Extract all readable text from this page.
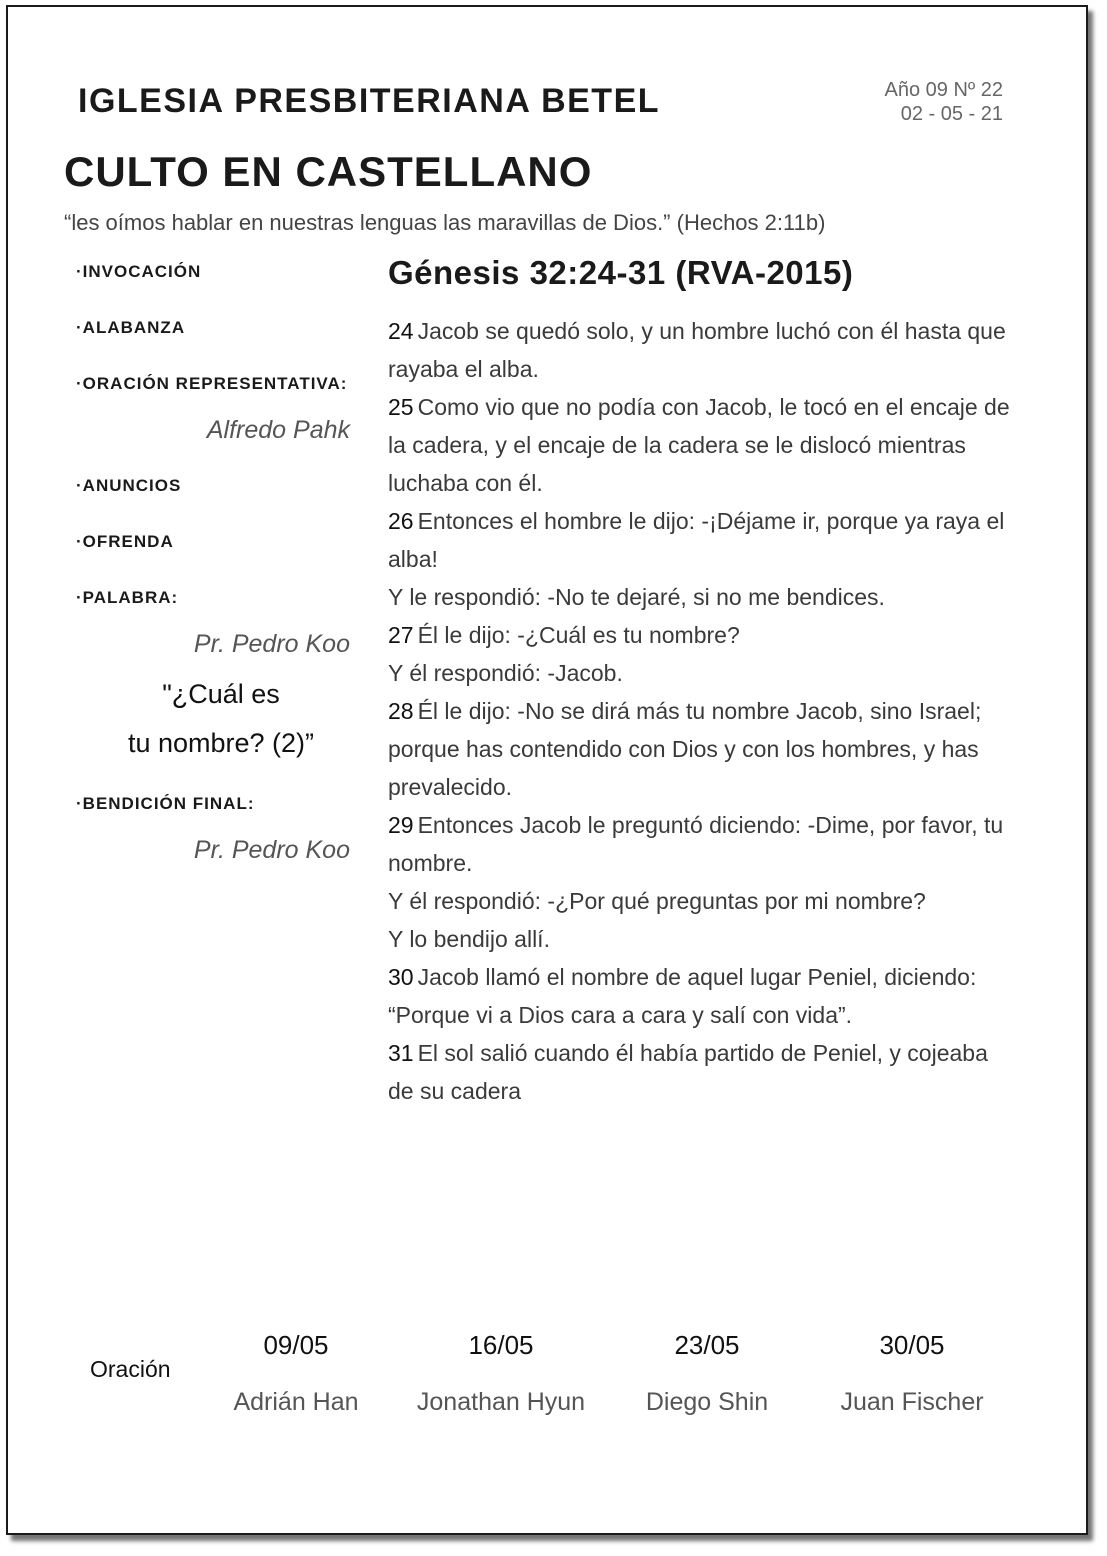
IGLESIA PRESBITERIANA BETEL	Año 09 Nº 22
02 - 05 - 21
CULTO EN CASTELLANO
“les oímos hablar en nuestras lenguas las maravillas de Dios.” (Hechos 2:11b)
·INVOCACIÓN
·ALABANZA
·ORACIÓN REPRESENTATIVA:
Alfredo Pahk
·ANUNCIOS
·OFRENDA
·PALABRA:
Pr. Pedro Koo
"¿Cuál es
tu nombre? (2)”
·BENDICIÓN FINAL:
Pr. Pedro Koo
Génesis 32:24-31 (RVA-2015)

24 Jacob se quedó solo, y un hombre luchó con él hasta que rayaba el alba.

25 Como vio que no podía con Jacob, le tocó en el encaje de la cadera, y el encaje de la cadera se le dislocó mientras luchaba con él.

26 Entonces el hombre le dijo: -¡Déjame ir, porque ya raya el alba!

Y le respondió: -No te dejaré, si no me bendices.

27 Él le dijo: -¿Cuál es tu nombre?

Y él respondió: -Jacob.

28 Él le dijo: -No se dirá más tu nombre Jacob, sino Israel; porque has contendido con Dios y con los hombres, y has prevalecido.

29 Entonces Jacob le preguntó diciendo: -Dime, por favor, tu nombre.

Y él respondió: -¿Por qué preguntas por mi nombre?

Y lo bendijo allí.

30 Jacob llamó el nombre de aquel lugar Peniel, diciendo: “Porque vi a Dios cara a cara y salí con vida”.

31 El sol salió cuando él había partido de Peniel, y cojeaba de su cadera

Oración
09/05
Adrián Han
16/05
Jonathan Hyun
23/05
Diego Shin
30/05
Juan Fischer
